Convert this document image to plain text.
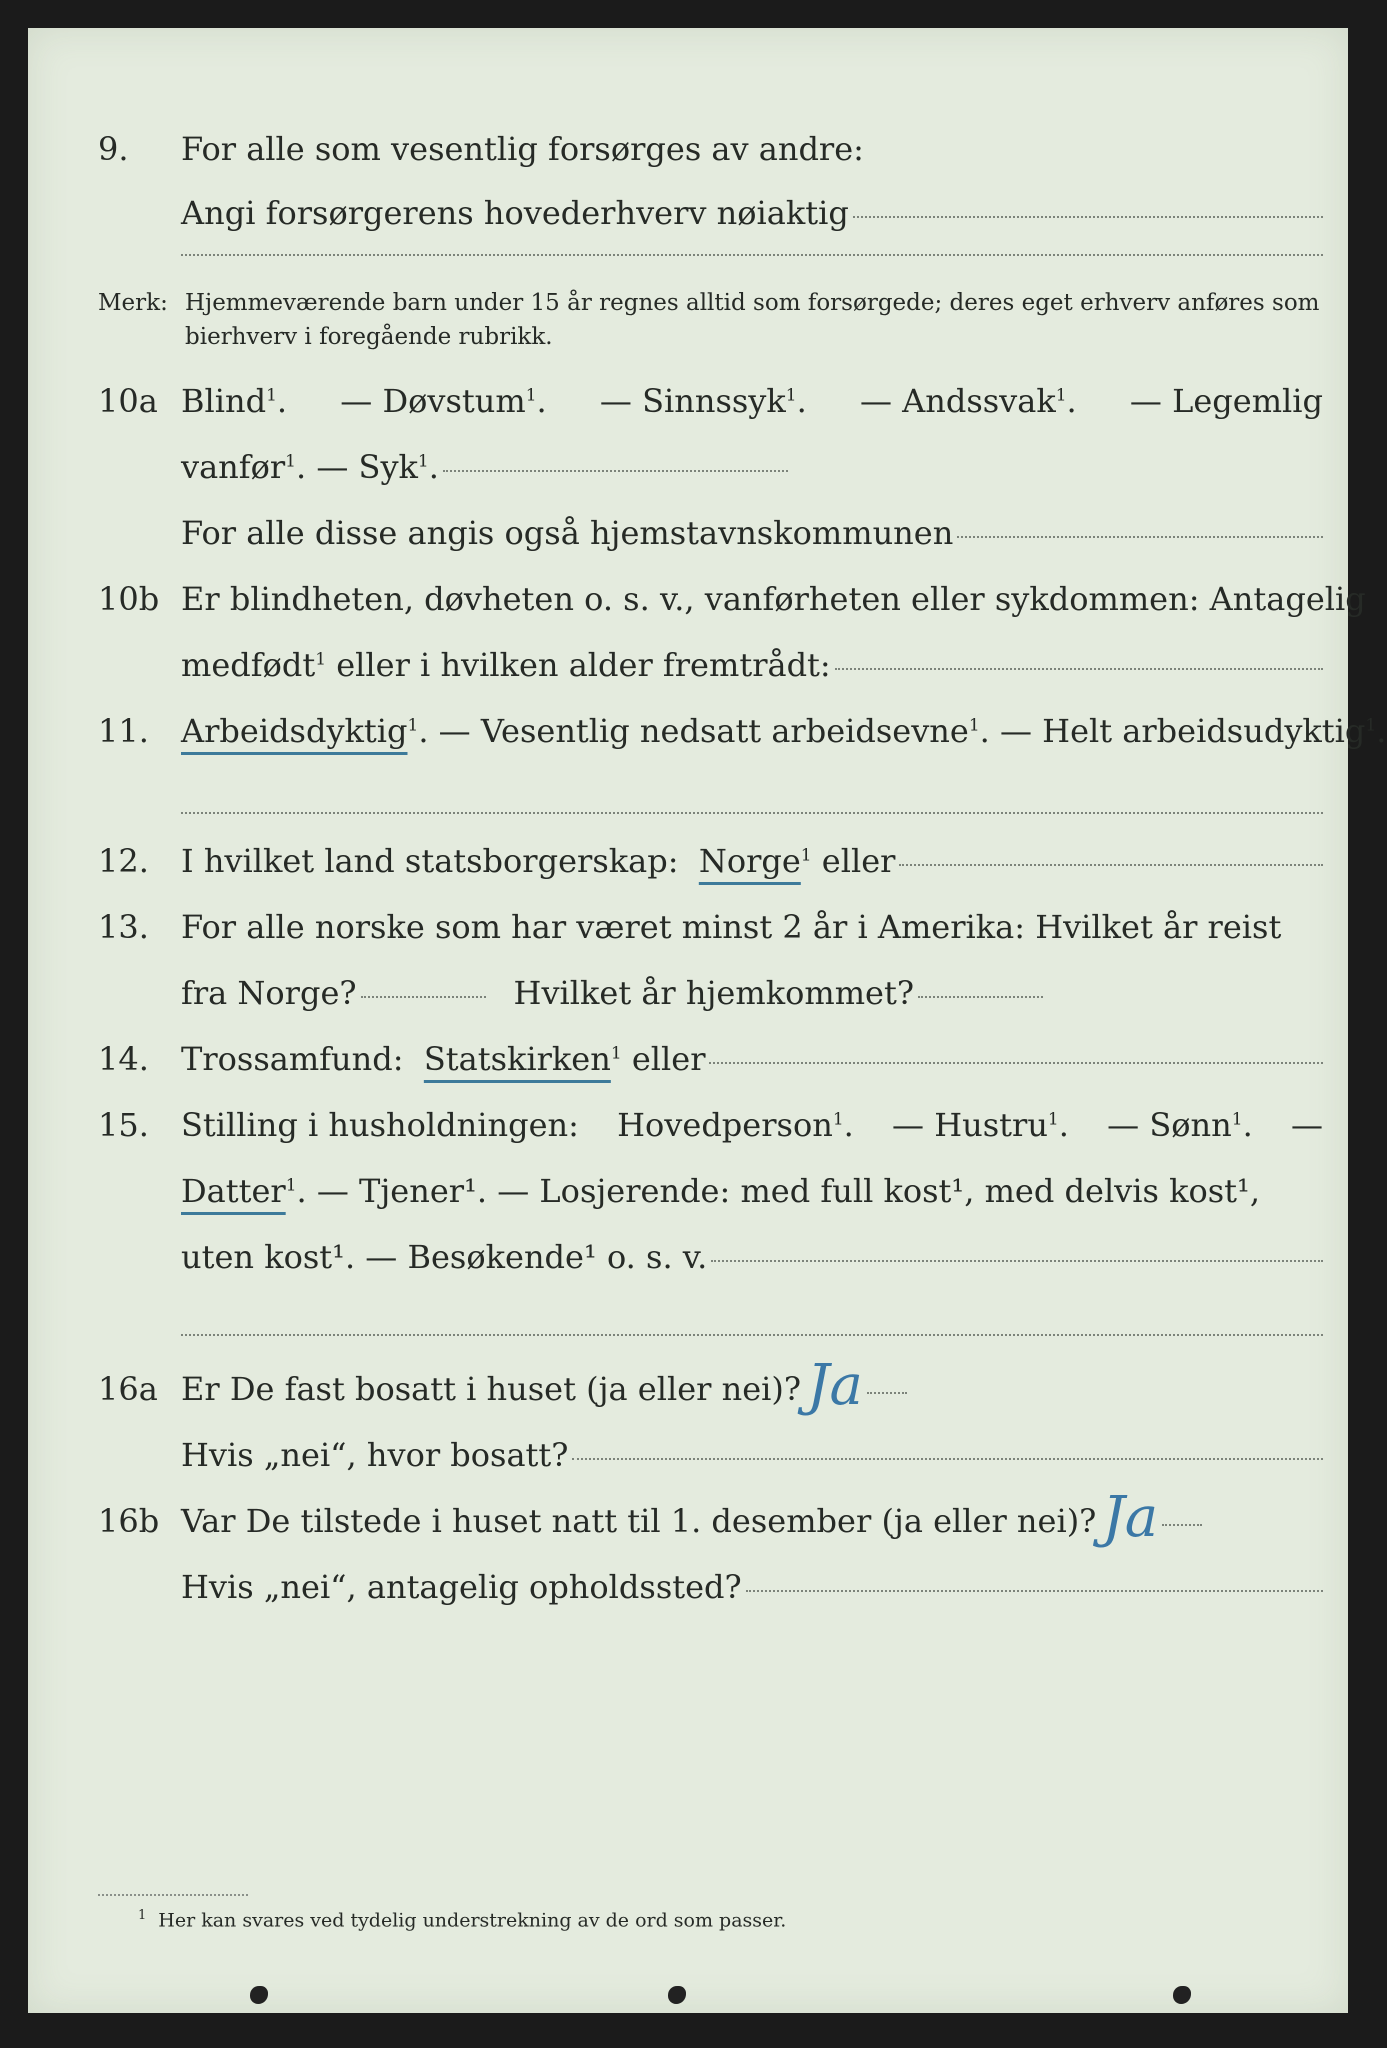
9. For alle som vesentlig forsørges av andre:
Angi forsørgerens hovederhverv nøiaktig
Merk: Hjemmeværende barn under 15 år regnes alltid som forsørgede; deres eget erhverv anføres som bierhverv i foregående rubrikk.
10a Blind$^1$. — Døvstum$^1$. — Sinnssyk$^1$. — Andssvak$^1$. — Legemlig
vanfør$^1$.
— Syk$^1$.
For alle disse angis også hjemstavnskommunen
10b Er blindheten, døvheten o. s. v., vanførheten eller sykdommen: Antagelig
medfødt$^1$
eller i hvilken alder fremtrådt:
11. Arbeidsdyktig$^1$ . — Vesentlig nedsatt arbeidsevne$^1$ . — Helt arbeidsudyktig$^1$.
12. I hvilket land statsborgerskap:
Norge$^1$
eller
13. For alle norske som har været minst 2 år i Amerika: Hvilket år reist
fra Norge?	Hvilket år hjemkommet?
14. Trossamfund:
Statskirken$^1$
eller
15. Stilling i husholdningen: Hovedperson$^1$. — Hustru$^1$. — Sønn$^1$. —
Datter$^1$ . — Tjener¹. — Losjerende: med full kost¹, med delvis kost¹,
uten kost¹. — Besøkende¹ o. s. v.
16a Er De fast bosatt i huset (ja eller nei)? Ja
Hvis „nei“, hvor bosatt?
16b Var De tilstede i huset natt til 1. desember (ja eller nei)? Ja
Hvis „nei“, antagelig opholdssted?
$^1$ Her kan svares ved tydelig understrekning av de ord som passer.
